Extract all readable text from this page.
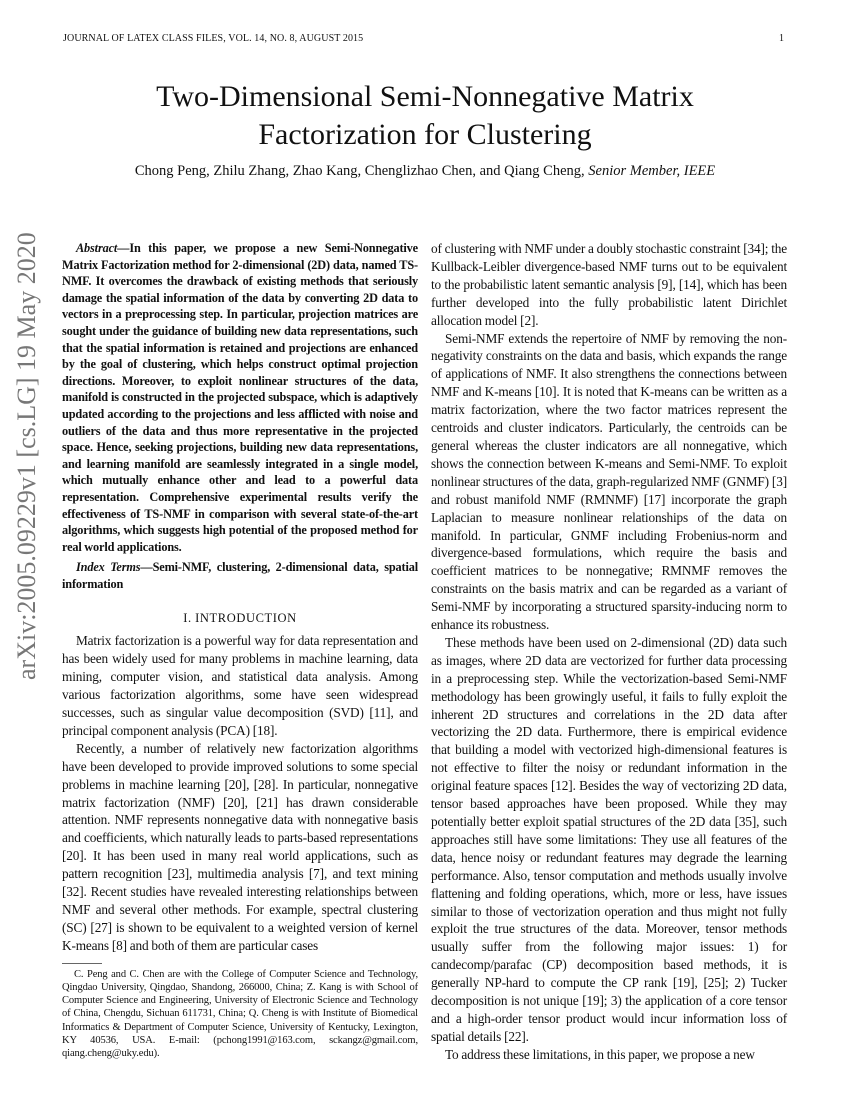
JOURNAL OF LATEX CLASS FILES, VOL. 14, NO. 8, AUGUST 2015	1
Two-Dimensional Semi-Nonnegative Matrix Factorization for Clustering
Chong Peng, Zhilu Zhang, Zhao Kang, Chenglizhao Chen, and Qiang Cheng, Senior Member, IEEE
arXiv:2005.09229v1 [cs.LG] 19 May 2020	Abstract—In this paper, we propose a new Semi-Nonnegative Matrix Factorization method for 2-dimensional (2D) data, named TS-NMF. It overcomes the drawback of existing methods that seriously damage the spatial information of the data by converting 2D data to vectors in a preprocessing step. In particular, projection matrices are sought under the guidance of building new data representations, such that the spatial information is retained and projections are enhanced by the goal of clustering, which helps construct optimal projection directions. Moreover, to exploit nonlinear structures of the data, manifold is constructed in the projected subspace, which is adaptively updated according to the projections and less afflicted with noise and outliers of the data and thus more representative in the projected space. Hence, seeking projections, building new data representations, and learning manifold are seamlessly integrated in a single model, which mutually enhance other and lead to a powerful data representation. Comprehensive experimental results verify the effectiveness of TS-NMF in comparison with several state-of-the-art algorithms, which suggests high potential of the proposed method for real world applications.

Index Terms—Semi-NMF, clustering, 2-dimensional data, spatial information

I. INTRODUCTION

Matrix factorization is a powerful way for data representation and has been widely used for many problems in machine learning, data mining, computer vision, and statistical data analysis. Among various factorization algorithms, some have seen widespread successes, such as singular value decomposition (SVD) [11], and principal component analysis (PCA) [18].

Recently, a number of relatively new factorization algorithms have been developed to provide improved solutions to some special problems in machine learning [20], [28]. In particular, nonnegative matrix factorization (NMF) [20], [21] has drawn considerable attention. NMF represents nonnegative data with nonnegative basis and coefficients, which naturally leads to parts-based representations [20]. It has been used in many real world applications, such as pattern recognition [23], multimedia analysis [7], and text mining [32]. Recent studies have revealed interesting relationships between NMF and several other methods. For example, spectral clustering (SC) [27] is shown to be equivalent to a weighted version of kernel K-means [8] and both of them are particular cases

C. Peng and C. Chen are with the College of Computer Science and Technology, Qingdao University, Qingdao, Shandong, 266000, China; Z. Kang is with School of Computer Science and Engineering, University of Electronic Science and Technology of China, Chengdu, Sichuan 611731, China; Q. Cheng is with Institute of Biomedical Informatics & Department of Computer Science, University of Kentucky, Lexington, KY 40536, USA. E-mail: (pchong1991@163.com, sckangz@gmail.com, qiang.cheng@uky.edu).

of clustering with NMF under a doubly stochastic constraint [34]; the Kullback-Leibler divergence-based NMF turns out to be equivalent to the probabilistic latent semantic analysis [9], [14], which has been further developed into the fully probabilistic latent Dirichlet allocation model [2].

Semi-NMF extends the repertoire of NMF by removing the non-negativity constraints on the data and basis, which expands the range of applications of NMF. It also strengthens the connections between NMF and K-means [10]. It is noted that K-means can be written as a matrix factorization, where the two factor matrices represent the centroids and cluster indicators. Particularly, the centroids can be general whereas the cluster indicators are all nonnegative, which shows the connection between K-means and Semi-NMF. To exploit nonlinear structures of the data, graph-regularized NMF (GNMF) [3] and robust manifold NMF (RMNMF) [17] incorporate the graph Laplacian to measure nonlinear relationships of the data on manifold. In particular, GNMF including Frobenius-norm and divergence-based formulations, which require the basis and coefficient matrices to be nonnegative; RMNMF removes the constraints on the basis matrix and can be regarded as a variant of Semi-NMF by incorporating a structured sparsity-inducing norm to enhance its robustness.

These methods have been used on 2-dimensional (2D) data such as images, where 2D data are vectorized for further data processing in a preprocessing step. While the vectorization-based Semi-NMF methodology has been growingly useful, it fails to fully exploit the inherent 2D structures and correlations in the 2D data after vectorizing the 2D data. Furthermore, there is empirical evidence that building a model with vectorized high-dimensional features is not effective to filter the noisy or redundant information in the original feature spaces [12]. Besides the way of vectorizing 2D data, tensor based approaches have been proposed. While they may potentially better exploit spatial structures of the 2D data [35], such approaches still have some limitations: They use all features of the data, hence noisy or redundant features may degrade the learning performance. Also, tensor computation and methods usually involve flattening and folding operations, which, more or less, have issues similar to those of vectorization operation and thus might not fully exploit the true structures of the data. Moreover, tensor methods usually suffer from the following major issues: 1) for candecomp/parafac (CP) decomposition based methods, it is generally NP-hard to compute the CP rank [19], [25]; 2) Tucker decomposition is not unique [19]; 3) the application of a core tensor and a high-order tensor product would incur information loss of spatial details [22].

To address these limitations, in this paper, we propose a new
